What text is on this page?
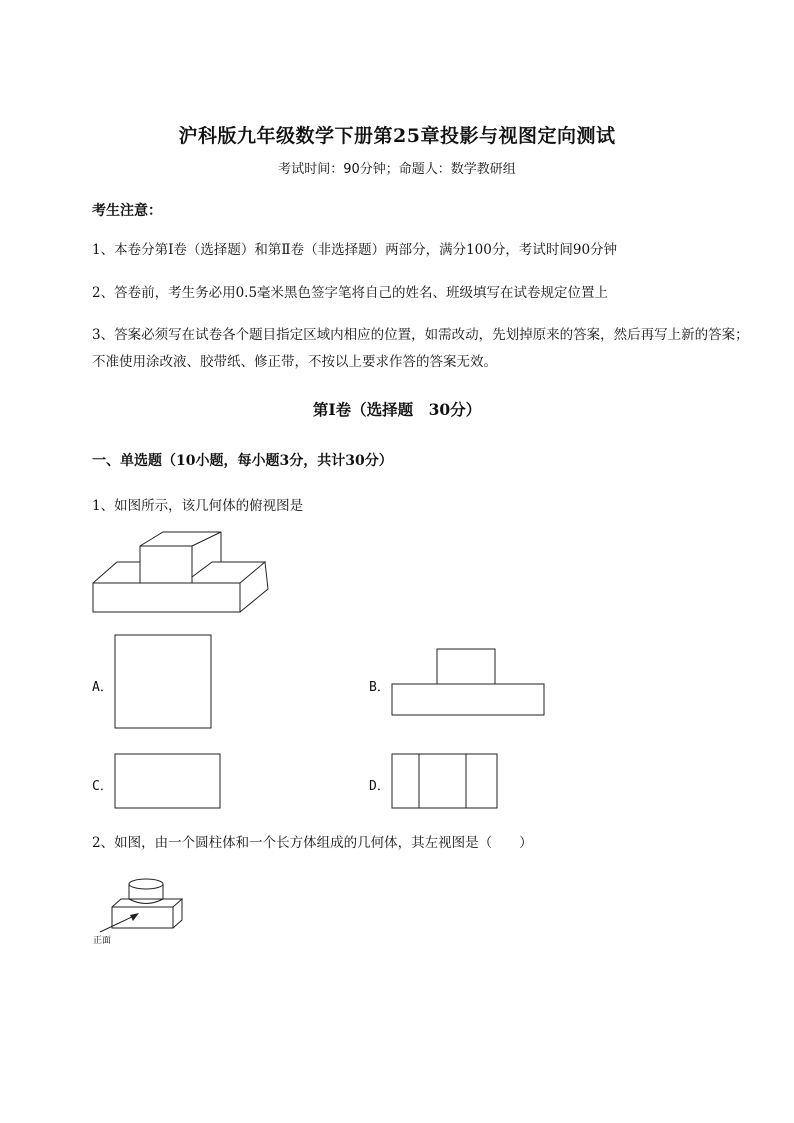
沪科版九年级数学下册第25章投影与视图定向测试
考试时间：90分钟；命题人：数学教研组
考生注意：
1、本卷分第I卷（选择题）和第Ⅱ卷（非选择题）两部分，满分100分，考试时间90分钟
2、答卷前，考生务必用0.5毫米黑色签字笔将自己的姓名、班级填写在试卷规定位置上
3、答案必须写在试卷各个题目指定区域内相应的位置，如需改动，先划掉原来的答案，然后再写上新的答案；不准使用涂改液、胶带纸、修正带，不按以上要求作答的答案无效。
第I卷（选择题　30分）
一、单选题（10小题，每小题3分，共计30分）
1、如图所示，该几何体的俯视图是
A．	B．
C．	D．
2、如图，由一个圆柱体和一个长方体组成的几何体，其左视图是（　　）
正面
